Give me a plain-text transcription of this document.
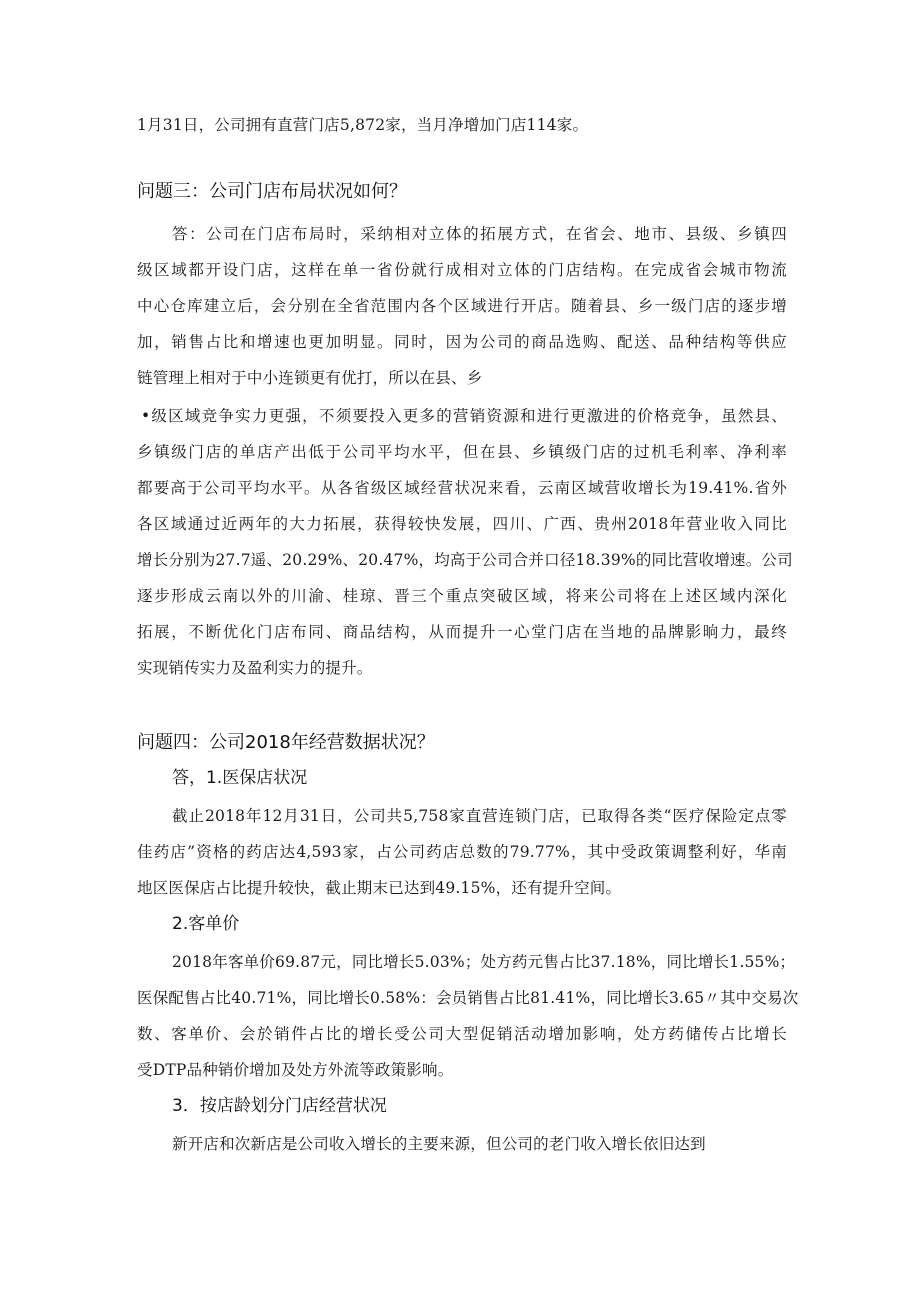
1月31日，公司拥有直营门店5,872家，当月净增加门店114家。
问题三：公司门店布局状况如何？
答：公司在门店布局时，采纳相对立体的拓展方式，在省会、地市、县级、乡镇四
级区域都开设门店，这样在单一省份就行成相对立体的门店结构。在完成省会城市物流
中心仓库建立后，会分别在全省范围内各个区域进行开店。随着县、乡一级门店的逐步增
加，销售占比和增速也更加明显。同时，因为公司的商品选购、配送、品种结构等供应
链管理上相对于中小连锁更有优打，所以在县、乡
•级区域竞争实力更强，不须要投入更多的营销资源和进行更激进的价格竞争，虽然县、
乡镇级门店的单店产出低于公司平均水平，但在县、乡镇级门店的过机毛利率、净利率
都要高于公司平均水平。从各省级区域经营状况来看，云南区域营收增长为19.41%.省外
各区域通过近两年的大力拓展，获得较快发展，四川、广西、贵州2018年营业收入同比
增长分别为27.7遥、20.29%、20.47%，均高于公司合并口径18.39%的同比营收增速。公司
逐步形成云南以外的川渝、桂琼、晋三个重点突破区域，将来公司将在上述区域内深化
拓展，不断优化门店布同、商品结构，从而提升一心堂门店在当地的品牌影晌力，最终
实现销传实力及盈利实力的提升。
问题四：公司2018年经营数据状况？
答，1.医保店状况
截止2018年12月31日，公司共5,758家直营连锁门店，已取得各类“医疗保险定点零
佳药店”资格的药店达4,593家，占公司药店总数的79.77%，其中受政策调整利好，华南
地区医保店占比提升较快，截止期末已达到49.15%，还有提升空间。
2.客单价
2018年客单价69.87元，同比增长5.03%；处方药元售占比37.18%，同比增长1.55%；
医保配售占比40.71%，同比增长0.58%：会员销售占比81.41%，同比增长3.65〃其中交易次
数、客单价、会於销件占比的增长受公司大型促销活动增加影响，处方药储传占比增长
受DTP品种销价增加及处方外流等政策影响。
3．按店龄划分门店经营状况
新开店和次新店是公司收入增长的主要来源，但公司的老门收入增长依旧达到
